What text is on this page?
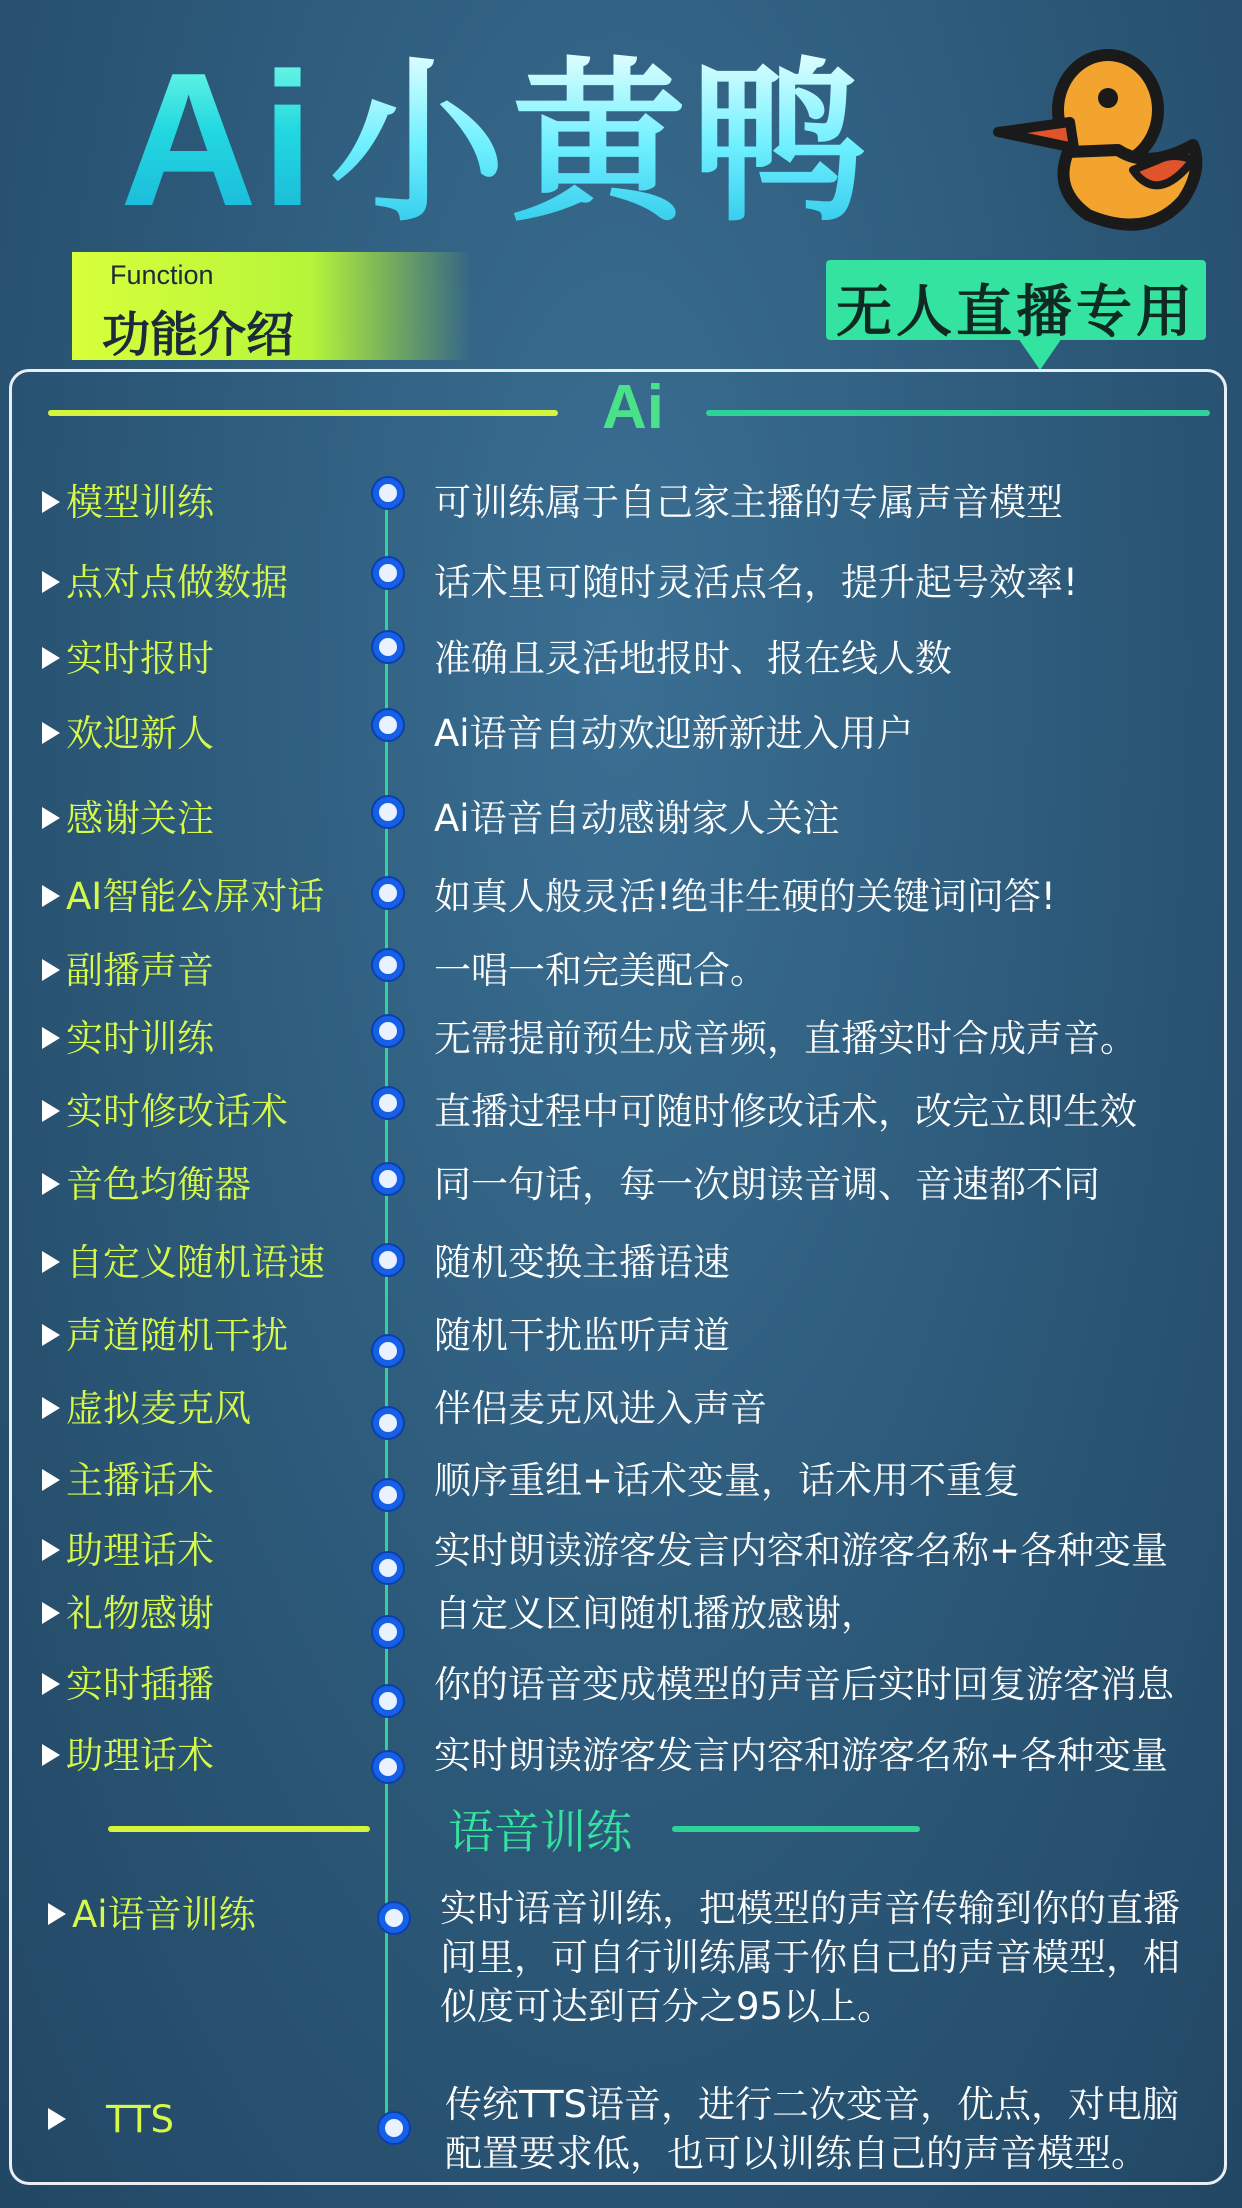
Ai 小黄鸭
Function
功能介绍	无人直播专用
Ai
模型训练	可训练属于自己家主播的专属声音模型
点对点做数据	话术里可随时灵活点名，提升起号效率!
实时报时	准确且灵活地报时、报在线人数
欢迎新人	Ai语音自动欢迎新新进入用户
感谢关注	Ai语音自动感谢家人关注
AI智能公屏对话	如真人般灵活!绝非生硬的关键词问答!
副播声音	一唱一和完美配合。
实时训练	无需提前预生成音频，直播实时合成声音。
实时修改话术	直播过程中可随时修改话术，改完立即生效
音色均衡器	同一句话，每一次朗读音调、音速都不同
自定义随机语速	随机变换主播语速
声道随机干扰	随机干扰监听声道
虚拟麦克风	伴侣麦克风进入声音
主播话术	顺序重组+话术变量，话术用不重复
助理话术	实时朗读游客发言内容和游客名称+各种变量
礼物感谢	自定义区间随机播放感谢，
实时插播	你的语音变成模型的声音后实时回复游客消息
助理话术	实时朗读游客发言内容和游客名称+各种变量
语音训练
Ai语音训练	实时语音训练，把模型的声音传输到你的直播
间里，可自行训练属于你自己的声音模型，相
似度可达到百分之95以上。
TTS	传统TTS语音，进行二次变音，优点，对电脑
配置要求低，也可以训练自己的声音模型。
